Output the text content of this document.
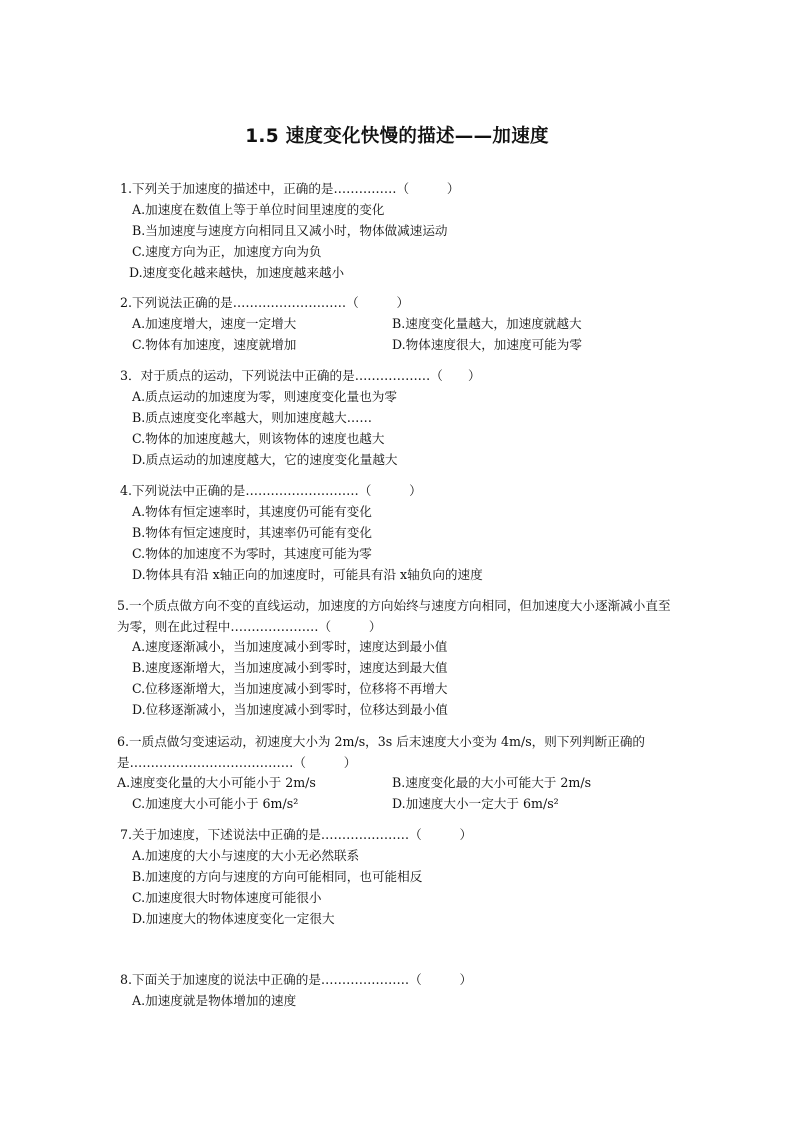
1.5 速度变化快慢的描述——加速度
1.下列关于加速度的描述中，正确的是……………（　　　）
A.加速度在数值上等于单位时间里速度的变化
B.当加速度与速度方向相同且又减小时，物体做减速运动
C.速度方向为正，加速度方向为负
D.速度变化越来越快，加速度越来越小
2.下列说法正确的是………………………（　　　）
A.加速度增大，速度一定增大	B.速度变化量越大，加速度就越大
C.物体有加速度，速度就增加	D.物体速度很大，加速度可能为零
3．对于质点的运动，下列说法中正确的是………………（　　）
A.质点运动的加速度为零，则速度变化量也为零
B.质点速度变化率越大，则加速度越大……
C.物体的加速度越大，则该物体的速度也越大
D.质点运动的加速度越大，它的速度变化量越大
4.下列说法中正确的是………………………（　　　）
A.物体有恒定速率时，其速度仍可能有变化
B.物体有恒定速度时，其速率仍可能有变化
C.物体的加速度不为零时，其速度可能为零
D.物体具有沿 x轴正向的加速度时，可能具有沿 x轴负向的速度
5.一个质点做方向不变的直线运动，加速度的方向始终与速度方向相同，但加速度大小逐渐减小直至为零，则在此过程中…………………（　　　）
A.速度逐渐减小，当加速度减小到零时，速度达到最小值
B.速度逐渐增大，当加速度减小到零时，速度达到最大值
C.位移逐渐增大，当加速度减小到零时，位移将不再增大
D.位移逐渐减小，当加速度减小到零时，位移达到最小值
6.一质点做匀变速运动，初速度大小为 2m/s，3s 后末速度大小变为 4m/s，则下列判断正确的是…………………………………（　　　）
A.速度变化量的大小可能小于 2m/s	B.速度变化最的大小可能大于 2m/s
C.加速度大小可能小于 6m/s²	D.加速度大小一定大于 6m/s²
7.关于加速度，下述说法中正确的是…………………（　　　）
A.加速度的大小与速度的大小无必然联系
B.加速度的方向与速度的方向可能相同，也可能相反
C.加速度很大时物体速度可能很小
D.加速度大的物体速度变化一定很大
8.下面关于加速度的说法中正确的是…………………（　　　）
A.加速度就是物体增加的速度
